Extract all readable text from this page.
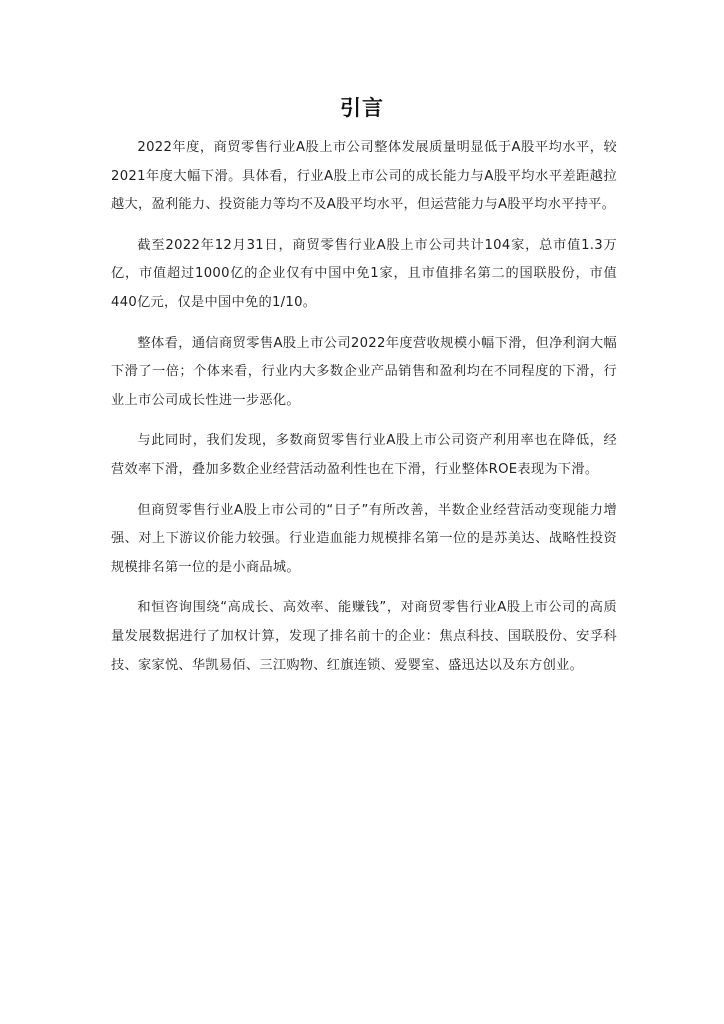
引言

2022年度，商贸零售行业A股上市公司整体发展质量明显低于A股平均水平，较2021年度大幅下滑。具体看，行业A股上市公司的成长能力与A股平均水平差距越拉越大，盈利能力、投资能力等均不及A股平均水平，但运营能力与A股平均水平持平。

截至2022年12月31日，商贸零售行业A股上市公司共计104家，总市值1.3万亿，市值超过1000亿的企业仅有中国中免1家，且市值排名第二的国联股份，市值440亿元，仅是中国中免的1/10。

整体看，通信商贸零售A股上市公司2022年度营收规模小幅下滑，但净利润大幅下滑了一倍；个体来看，行业内大多数企业产品销售和盈利均在不同程度的下滑，行业上市公司成长性进一步恶化。

与此同时，我们发现，多数商贸零售行业A股上市公司资产利用率也在降低，经营效率下滑，叠加多数企业经营活动盈利性也在下滑，行业整体ROE表现为下滑。

但商贸零售行业A股上市公司的“日子”有所改善，半数企业经营活动变现能力增强、对上下游议价能力较强。行业造血能力规模排名第一位的是苏美达、战略性投资规模排名第一位的是小商品城。

和恒咨询围绕“高成长、高效率、能赚钱”，对商贸零售行业A股上市公司的高质量发展数据进行了加权计算，发现了排名前十的企业：焦点科技、国联股份、安孚科技、家家悦、华凯易佰、三江购物、红旗连锁、爱婴室、盛迅达以及东方创业。
